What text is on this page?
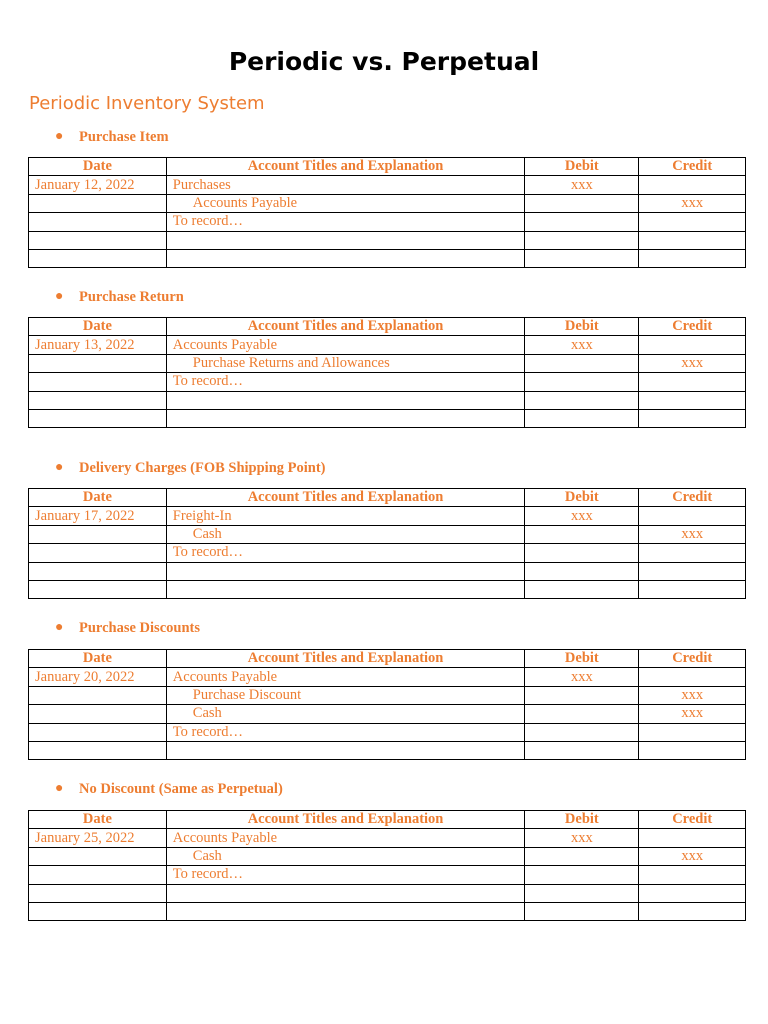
Periodic vs. Perpetual
Periodic Inventory System
● Purchase Item
Date	Account Titles and Explanation	Debit	Credit
January 12, 2022	Purchases	xxx	
	Accounts Payable		xxx
	To record…		

● Purchase Return
Date	Account Titles and Explanation	Debit	Credit
January 13, 2022	Accounts Payable	xxx	
	Purchase Returns and Allowances		xxx
	To record…		

● Delivery Charges (FOB Shipping Point)
Date	Account Titles and Explanation	Debit	Credit
January 17, 2022	Freight-In	xxx	
	Cash		xxx
	To record…		

● Purchase Discounts
Date	Account Titles and Explanation	Debit	Credit
January 20, 2022	Accounts Payable	xxx	
	Purchase Discount		xxx
	Cash		xxx
	To record…		

● No Discount (Same as Perpetual)
Date	Account Titles and Explanation	Debit	Credit
January 25, 2022	Accounts Payable	xxx	
	Cash		xxx
	To record…		
